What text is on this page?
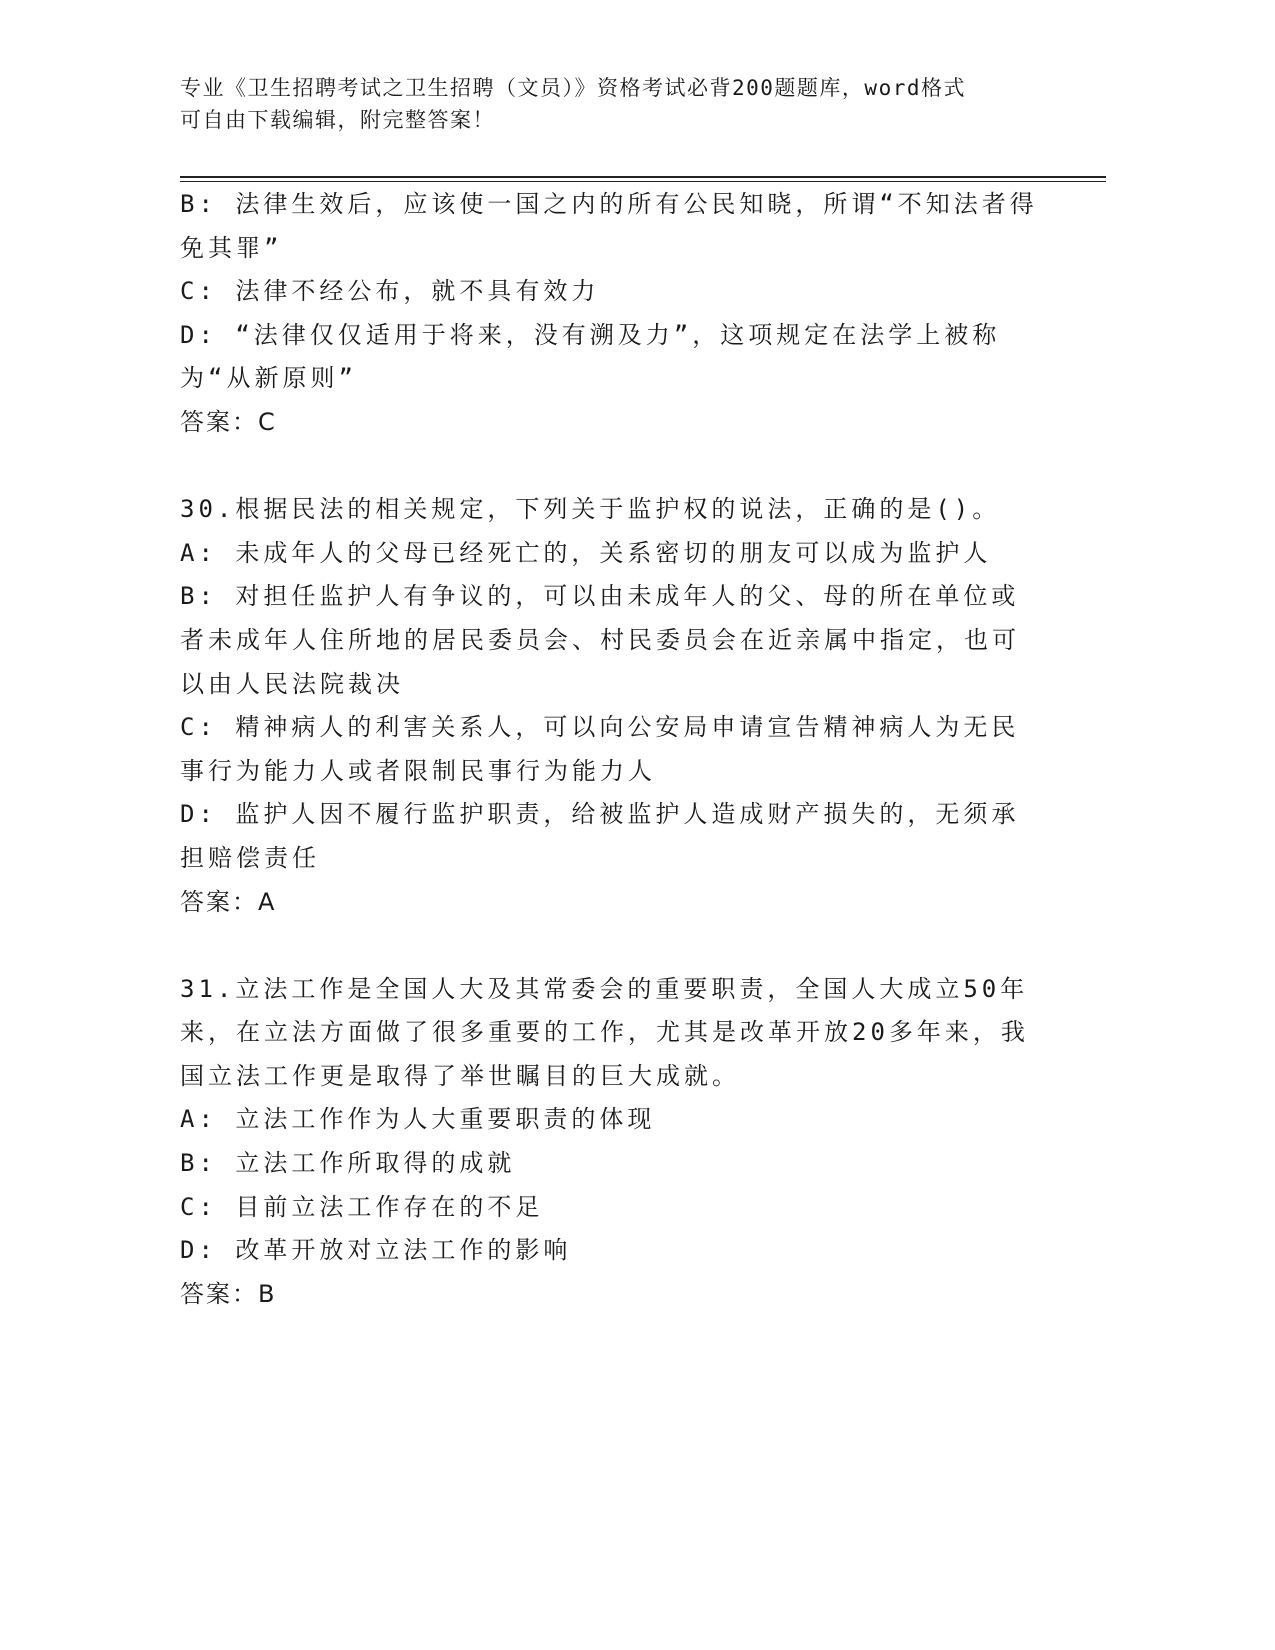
专业《卫生招聘考试之卫生招聘（文员）》资格考试必背200题题库，word格式
可自由下载编辑，附完整答案！
B: 法律生效后，应该使一国之内的所有公民知晓，所谓“不知法者得免其罪”
C: 法律不经公布，就不具有效力
D: “法律仅仅适用于将来，没有溯及力”，这项规定在法学上被称为“从新原则”
答案：C
30.根据民法的相关规定，下列关于监护权的说法，正确的是()。
A: 未成年人的父母已经死亡的，关系密切的朋友可以成为监护人
B: 对担任监护人有争议的，可以由未成年人的父、母的所在单位或者未成年人住所地的居民委员会、村民委员会在近亲属中指定，也可以由人民法院裁决
C: 精神病人的利害关系人，可以向公安局申请宣告精神病人为无民事行为能力人或者限制民事行为能力人
D: 监护人因不履行监护职责，给被监护人造成财产损失的，无须承担赔偿责任
答案：A
31.立法工作是全国人大及其常委会的重要职责，全国人大成立50年来，在立法方面做了很多重要的工作，尤其是改革开放20多年来，我国立法工作更是取得了举世瞩目的巨大成就。
A: 立法工作作为人大重要职责的体现
B: 立法工作所取得的成就
C: 目前立法工作存在的不足
D: 改革开放对立法工作的影响
答案：B
